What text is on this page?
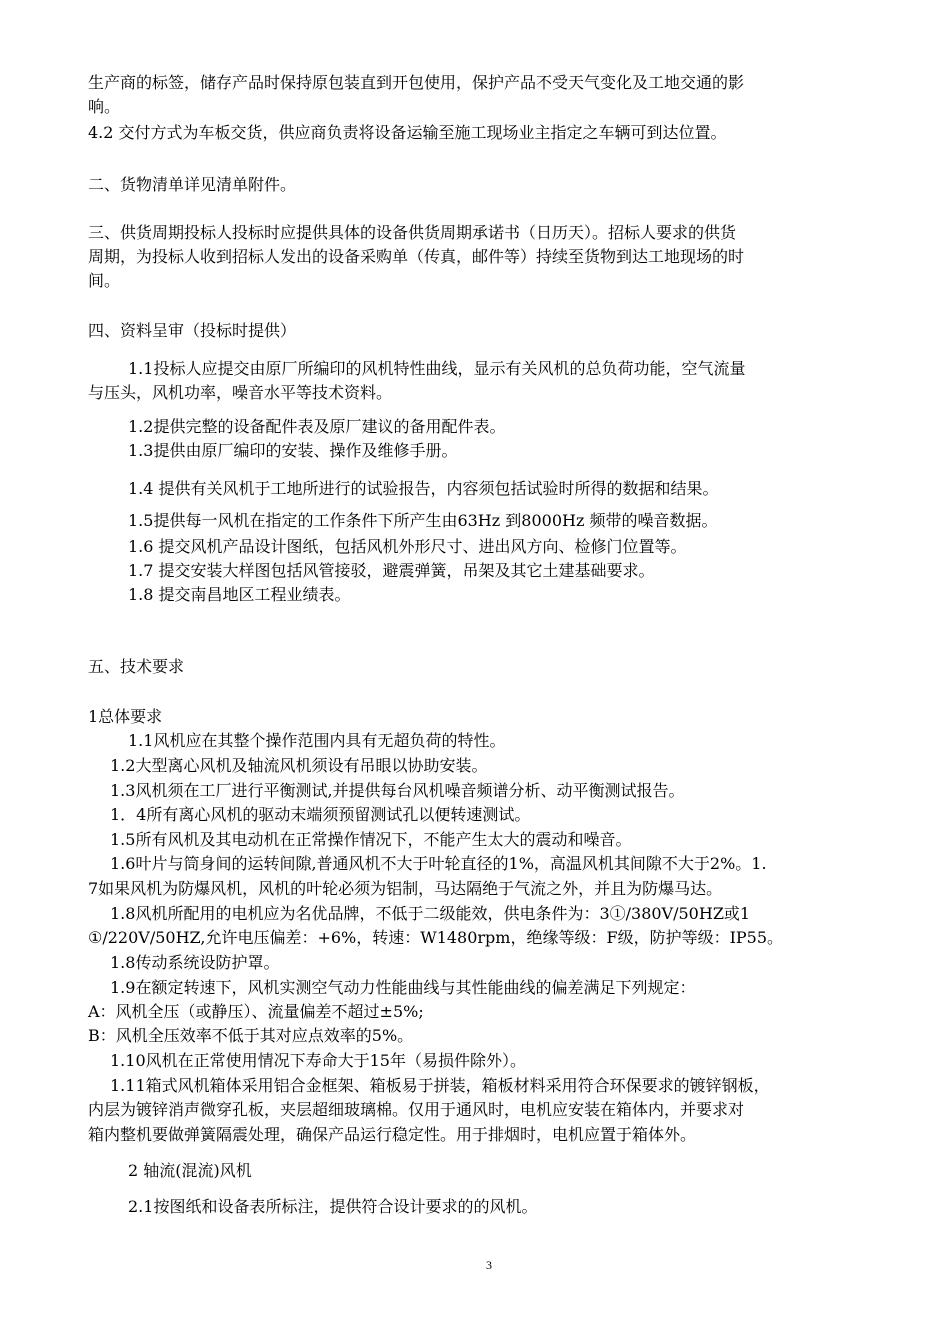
生产商的标签，储存产品时保持原包装直到开包使用，保护产品不受天气变化及工地交通的影
响。
4.2 交付方式为车板交货，供应商负责将设备运输至施工现场业主指定之车辆可到达位置。
二、货物清单详见清单附件。
三、供货周期投标人投标时应提供具体的设备供货周期承诺书（日历天）。招标人要求的供货
周期，为投标人收到招标人发出的设备采购单（传真，邮件等）持续至货物到达工地现场的时
间。
四、资料呈审（投标时提供）
1.1投标人应提交由原厂所编印的风机特性曲线，显示有关风机的总负荷功能，空气流量
与压头，风机功率，噪音水平等技术资料。
1.2提供完整的设备配件表及原厂建议的备用配件表。
1.3提供由原厂编印的安装、操作及维修手册。
1.4 提供有关风机于工地所进行的试验报告，内容须包括试验时所得的数据和结果。
1.5提供每一风机在指定的工作条件下所产生由63Hz 到8000Hz 频带的噪音数据。
1.6 提交风机产品设计图纸，包括风机外形尺寸、进出风方向、检修门位置等。
1.7 提交安装大样图包括风管接驳，避震弹簧，吊架及其它土建基础要求。
1.8 提交南昌地区工程业绩表。
五、技术要求
1总体要求
1.1风机应在其整个操作范围内具有无超负荷的特性。
1.2大型离心风机及轴流风机须设有吊眼以协助安装。
1.3风机须在工厂进行平衡测试,并提供每台风机噪音频谱分析、动平衡测试报告。
1．4所有离心风机的驱动末端须预留测试孔以便转速测试。
1.5所有风机及其电动机在正常操作情况下，不能产生太大的震动和噪音。
1.6叶片与筒身间的运转间隙,普通风机不大于叶轮直径的1%，高温风机其间隙不大于2%。1.
7如果风机为防爆风机，风机的叶轮必须为铝制，马达隔绝于气流之外，并且为防爆马达。
1.8风机所配用的电机应为名优品牌，不低于二级能效，供电条件为：3①/380V/50HZ或1
①/220V/50HZ,允许电压偏差：+6%，转速：W1480rpm，绝缘等级：F级，防护等级：IP55。
1.8传动系统设防护罩。
1.9在额定转速下，风机实测空气动力性能曲线与其性能曲线的偏差满足下列规定：
A：风机全压（或静压）、流量偏差不超过±5%;
B：风机全压效率不低于其对应点效率的5%。
1.10风机在正常使用情况下寿命大于15年（易损件除外）。
1.11箱式风机箱体采用铝合金框架、箱板易于拼装，箱板材料采用符合环保要求的镀锌钢板，
内层为镀锌消声微穿孔板，夹层超细玻璃棉。仅用于通风时，电机应安装在箱体内，并要求对
箱内整机要做弹簧隔震处理，确保产品运行稳定性。用于排烟时，电机应置于箱体外。
2 轴流(混流)风机
2.1按图纸和设备表所标注，提供符合设计要求的的风机。
3
